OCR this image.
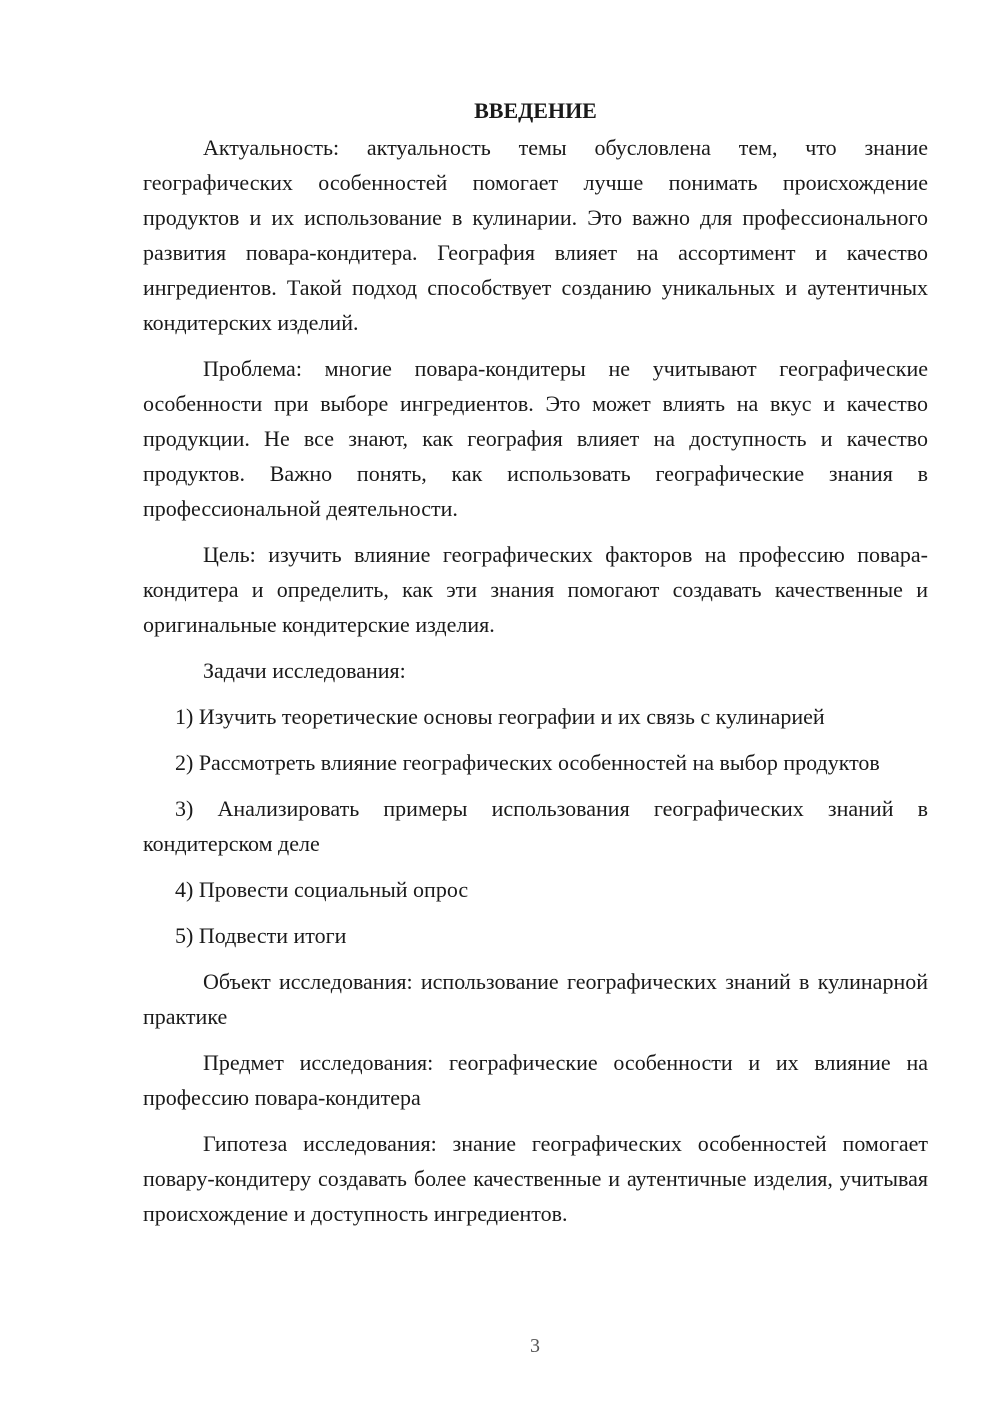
ВВЕДЕНИЕ

Актуальность: актуальность темы обусловлена тем, что знание географических особенностей помогает лучше понимать происхождение продуктов и их использование в кулинарии. Это важно для профессионального развития повара-кондитера. География влияет на ассортимент и качество ингредиентов. Такой подход способствует созданию уникальных и аутентичных кондитерских изделий.

Проблема: многие повара-кондитеры не учитывают географические особенности при выборе ингредиентов. Это может влиять на вкус и качество продукции. Не все знают, как география влияет на доступность и качество продуктов. Важно понять, как использовать географические знания в профессиональной деятельности.

Цель: изучить влияние географических факторов на профессию повара-кондитера и определить, как эти знания помогают создавать качественные и оригинальные кондитерские изделия.

Задачи исследования:

1) Изучить теоретические основы географии и их связь с кулинарией

2) Рассмотреть влияние географических особенностей на выбор продуктов

3) Анализировать примеры использования географических знаний в кондитерском деле

4) Провести социальный опрос

5) Подвести итоги

Объект исследования: использование географических знаний в кулинарной практике

Предмет исследования: географические особенности и их влияние на профессию повара-кондитера

Гипотеза исследования: знание географических особенностей помогает повару-кондитеру создавать более качественные и аутентичные изделия, учитывая происхождение и доступность ингредиентов.

3
